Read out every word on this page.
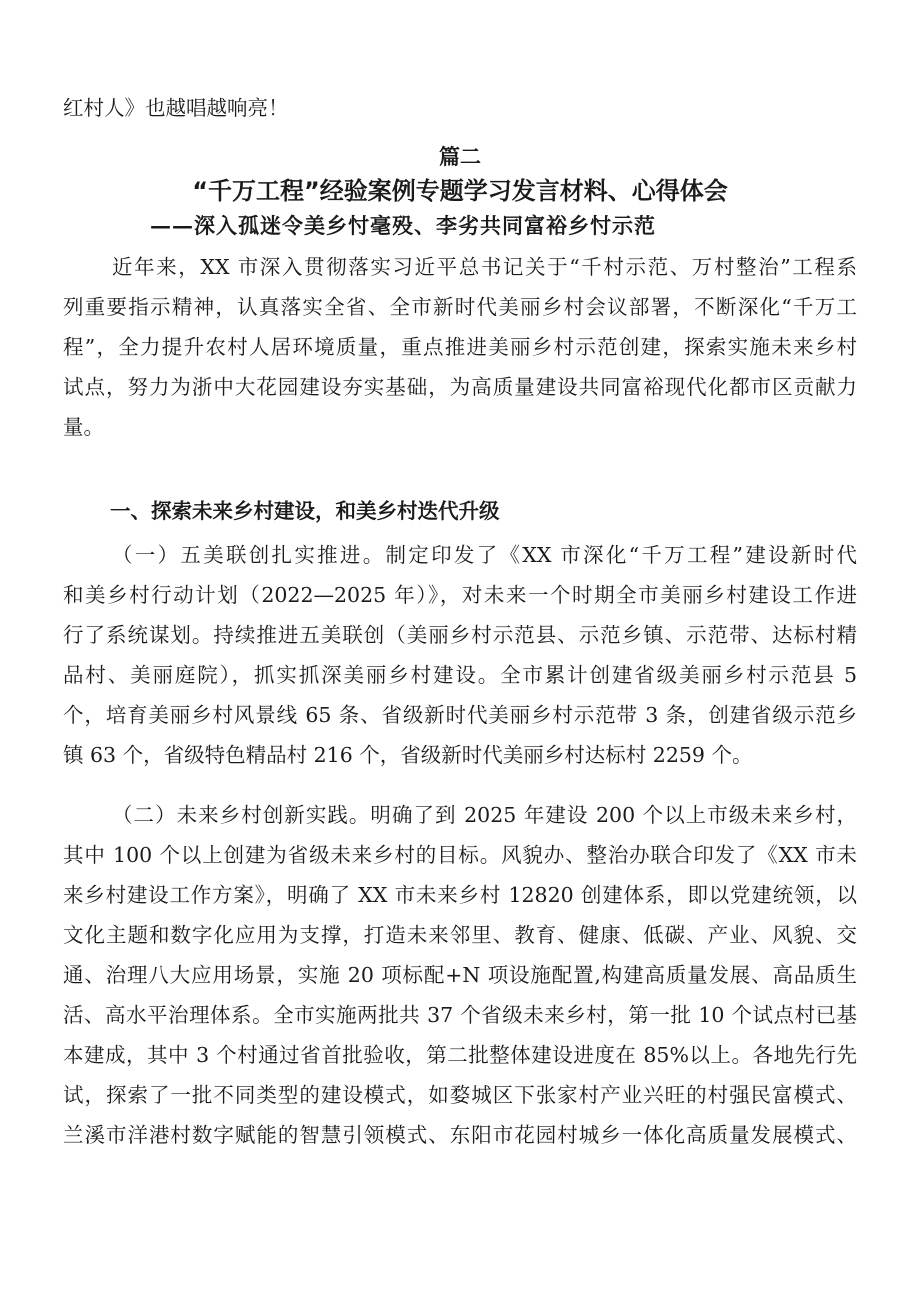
红村人》也越唱越响亮！
篇二
“千万工程”经验案例专题学习发言材料、心得体会
——深入孤迷令美乡忖毫殁、李劣共同富裕乡忖示范
近年来，XX 市深入贯彻落实习近平总书记关于“千村示范、万村整治”工程系
列重要指示精神，认真落实全省、全市新时代美丽乡村会议部署，不断深化“千万工
程”，全力提升农村人居环境质量，重点推进美丽乡村示范创建，探索实施未来乡村
试点，努力为浙中大花园建设夯实基础，为高质量建设共同富裕现代化都市区贡献力
量。
一、探索未来乡村建设，和美乡村迭代升级
（一）五美联创扎实推进。制定印发了《XX 市深化“千万工程”建设新时代
和美乡村行动计划（2022—2025 年）》，对未来一个时期全市美丽乡村建设工作进
行了系统谋划。持续推进五美联创（美丽乡村示范县、示范乡镇、示范带、达标村精
品村、美丽庭院），抓实抓深美丽乡村建设。全市累计创建省级美丽乡村示范县 5
个，培育美丽乡村风景线 65 条、省级新时代美丽乡村示范带 3 条，创建省级示范乡
镇 63 个，省级特色精品村 216 个，省级新时代美丽乡村达标村 2259 个。
（二）未来乡村创新实践。明确了到 2025 年建设 200 个以上市级未来乡村，
其中 100 个以上创建为省级未来乡村的目标。风貌办、整治办联合印发了《XX 市未
来乡村建设工作方案》，明确了 XX 市未来乡村 12820 创建体系，即以党建统领，以
文化主题和数字化应用为支撑，打造未来邻里、教育、健康、低碳、产业、风貌、交
通、治理八大应用场景，实施 20 项标配+N 项设施配置,构建高质量发展、高品质生
活、高水平治理体系。全市实施两批共 37 个省级未来乡村，第一批 10 个试点村已基
本建成，其中 3 个村通过省首批验收，第二批整体建设进度在 85%以上。各地先行先
试，探索了一批不同类型的建设模式，如婺城区下张家村产业兴旺的村强民富模式、
兰溪市洋港村数字赋能的智慧引领模式、东阳市花园村城乡一体化高质量发展模式、
